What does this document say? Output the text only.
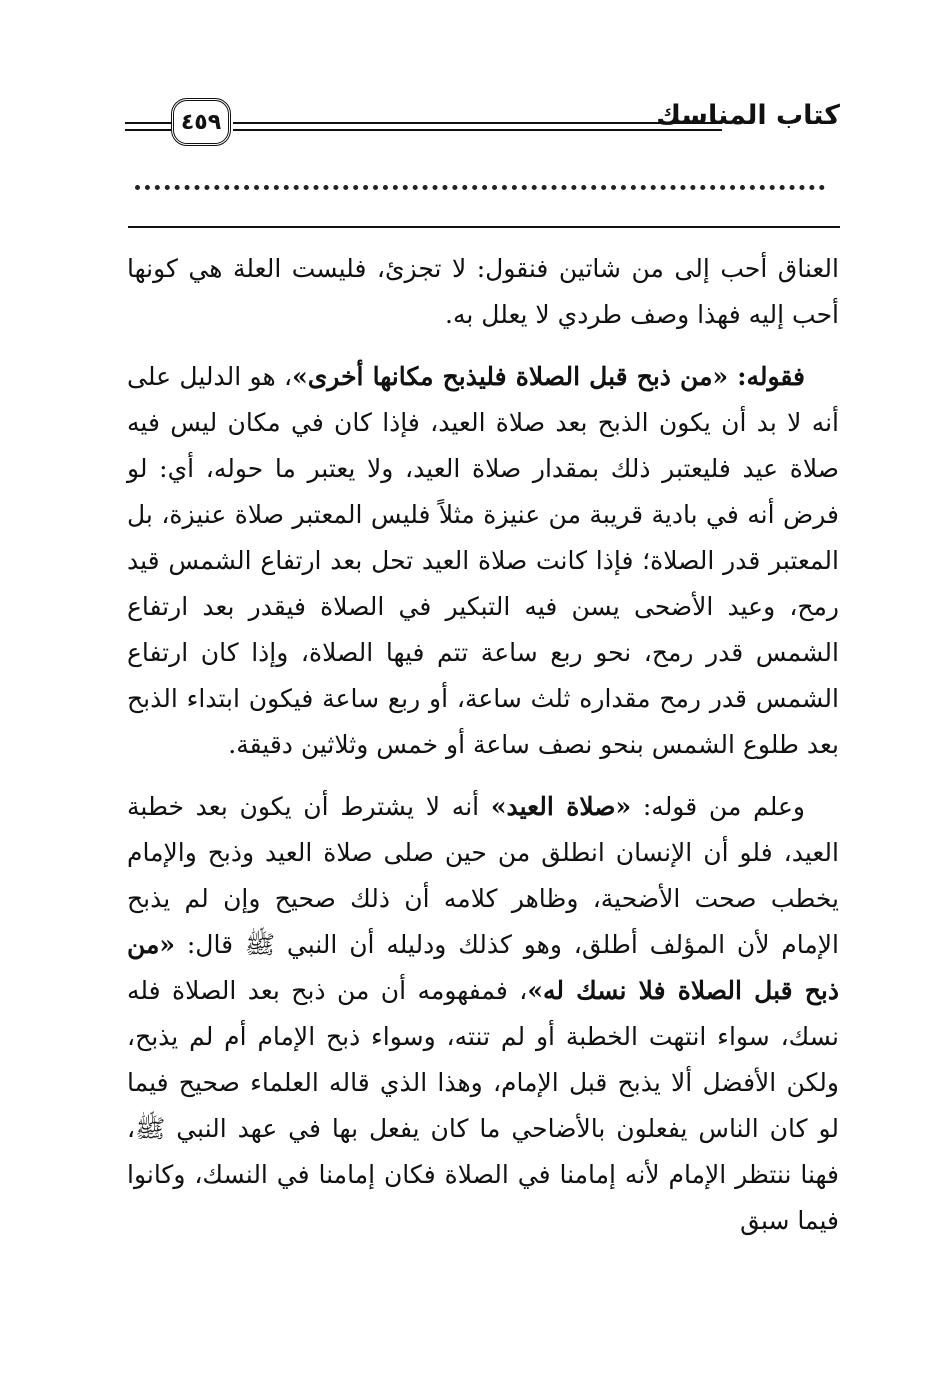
كتاب المناسك
٤٥٩

العناق أحب إلى من شاتين فنقول: لا تجزئ، فليست العلة هي كونها أحب إليه فهذا وصف طردي لا يعلل به.

فقوله: «من ذبح قبل الصلاة فليذبح مكانها أخرى»، هو الدليل على أنه لا بد أن يكون الذبح بعد صلاة العيد، فإذا كان في مكان ليس فيه صلاة عيد فليعتبر ذلك بمقدار صلاة العيد، ولا يعتبر ما حوله، أي: لو فرض أنه في بادية قريبة من عنيزة مثلاً فليس المعتبر صلاة عنيزة، بل المعتبر قدر الصلاة؛ فإذا كانت صلاة العيد تحل بعد ارتفاع الشمس قيد رمح، وعيد الأضحى يسن فيه التبكير في الصلاة فيقدر بعد ارتفاع الشمس قدر رمح، نحو ربع ساعة تتم فيها الصلاة، وإذا كان ارتفاع الشمس قدر رمح مقداره ثلث ساعة، أو ربع ساعة فيكون ابتداء الذبح بعد طلوع الشمس بنحو نصف ساعة أو خمس وثلاثين دقيقة.

وعلم من قوله: «صلاة العيد» أنه لا يشترط أن يكون بعد خطبة العيد، فلو أن الإنسان انطلق من حين صلى صلاة العيد وذبح والإمام يخطب صحت الأضحية، وظاهر كلامه أن ذلك صحيح وإن لم يذبح الإمام لأن المؤلف أطلق، وهو كذلك ودليله أن النبي ﷺ قال: «من ذبح قبل الصلاة فلا نسك له»، فمفهومه أن من ذبح بعد الصلاة فله نسك، سواء انتهت الخطبة أو لم تنته، وسواء ذبح الإمام أم لم يذبح، ولكن الأفضل ألا يذبح قبل الإمام، وهذا الذي قاله العلماء صحيح فيما لو كان الناس يفعلون بالأضاحي ما كان يفعل بها في عهد النبي ﷺ، فهنا ننتظر الإمام لأنه إمامنا في الصلاة فكان إمامنا في النسك، وكانوا فيما سبق
